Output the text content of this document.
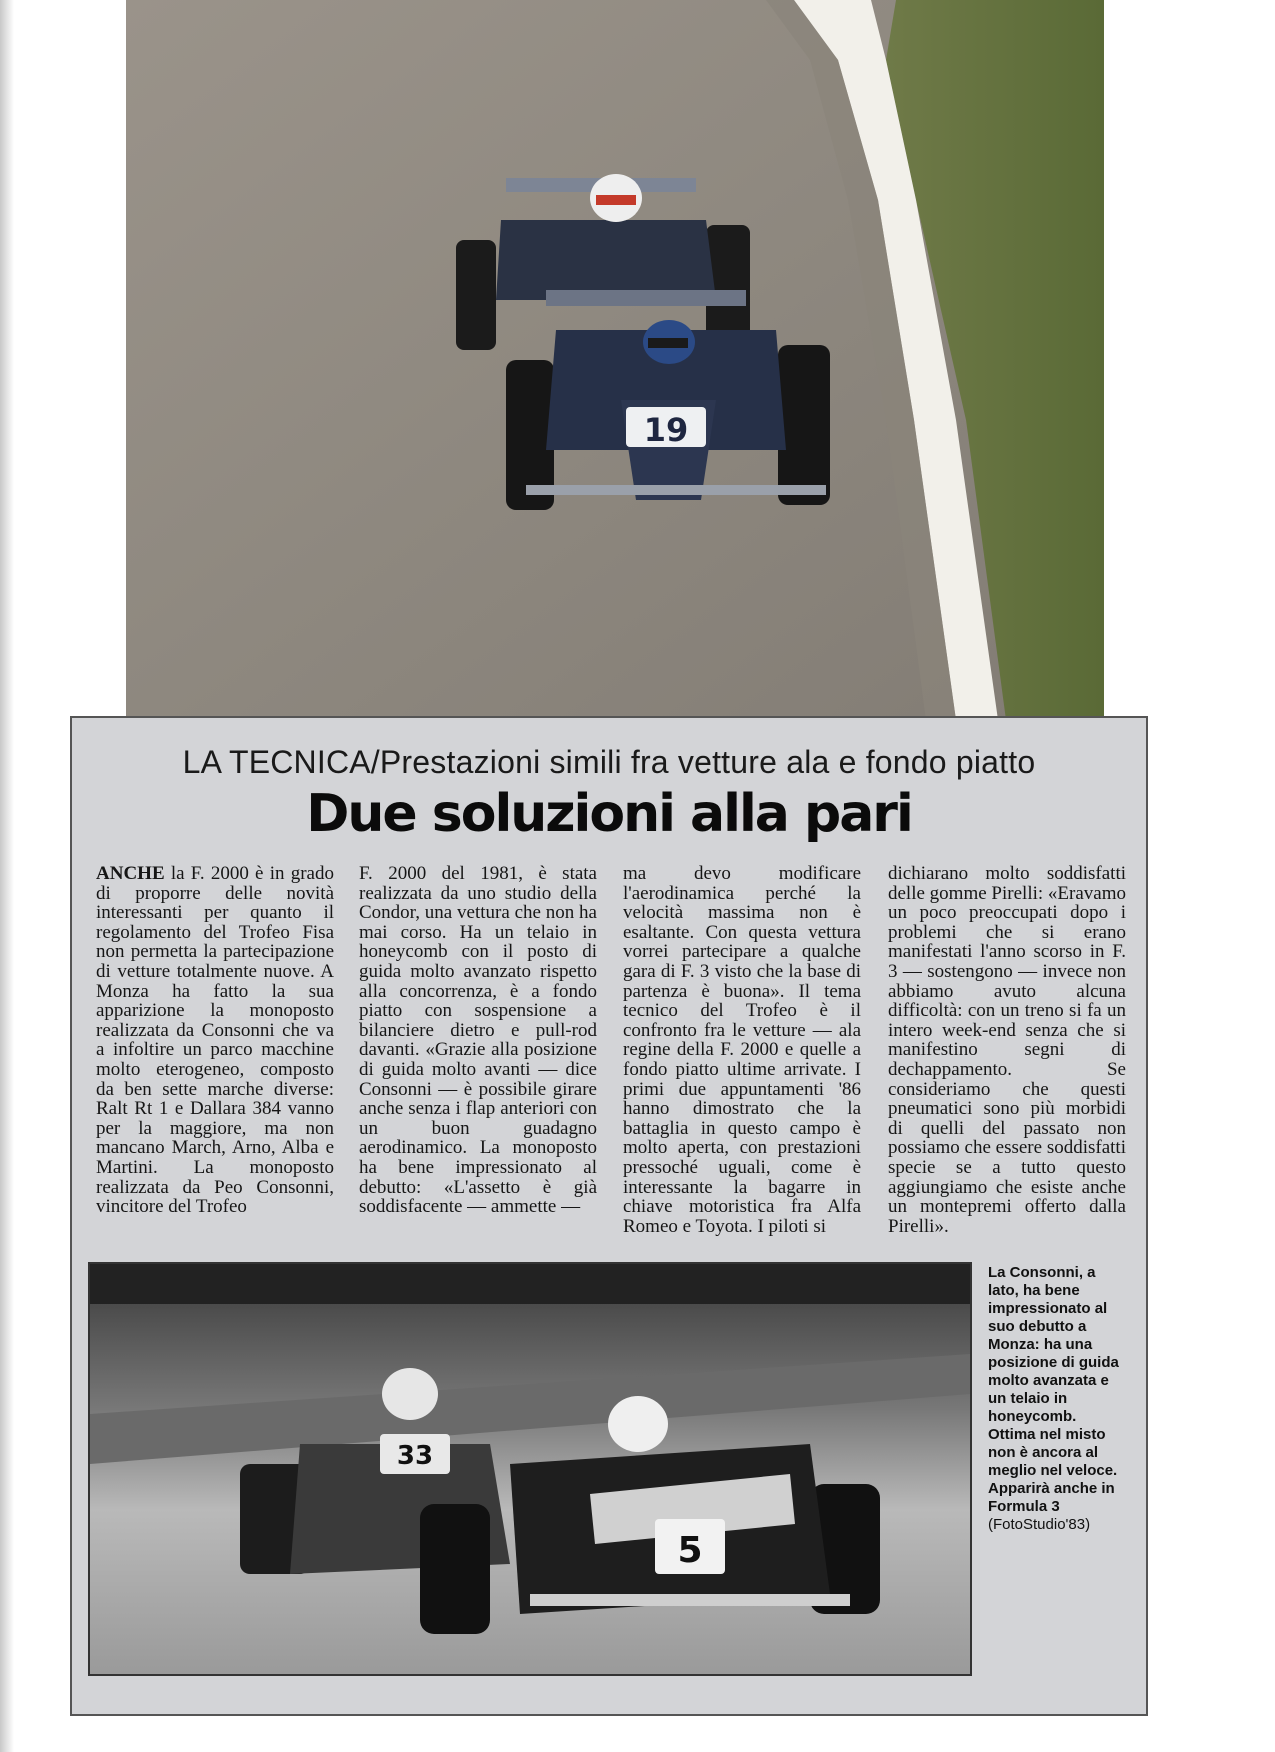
19
LA TECNICA/Prestazioni simili fra vetture ala e fondo piatto
Due soluzioni alla pari
ANCHE la F. 2000 è in grado di proporre delle novità interessanti per quanto il regolamento del Trofeo Fisa non permetta la partecipazione di vetture totalmente nuove. A Monza ha fatto la sua apparizione la monoposto realizzata da Consonni che va a infoltire un parco macchine molto eterogeneo, composto da ben sette marche diverse: Ralt Rt 1 e Dallara 384 vanno per la maggiore, ma non mancano March, Arno, Alba e Martini. La monoposto realizzata da Peo Consonni, vincitore del Trofeo
F. 2000 del 1981, è stata realizzata da uno studio della Condor, una vettura che non ha mai corso. Ha un telaio in honeycomb con il posto di guida molto avanzato rispetto alla concorrenza, è a fondo piatto con sospensione a bilanciere dietro e pull-rod davanti. «Grazie alla posizione di guida molto avanti — dice Consonni — è possibile girare anche senza i flap anteriori con un buon guadagno aerodinamico. La monoposto ha bene impressionato al debutto: «L'assetto è già soddisfacente — ammette —
ma devo modificare l'aerodinamica perché la velocità massima non è esaltante. Con questa vettura vorrei partecipare a qualche gara di F. 3 visto che la base di partenza è buona». Il tema tecnico del Trofeo è il confronto fra le vetture — ala regine della F. 2000 e quelle a fondo piatto ultime arrivate. I primi due appuntamenti '86 hanno dimostrato che la battaglia in questo campo è molto aperta, con prestazioni pressoché uguali, come è interessante la bagarre in chiave motoristica fra Alfa Romeo e Toyota. I piloti si
dichiarano molto soddisfatti delle gomme Pirelli: «Eravamo un poco preoccupati dopo i problemi che si erano manifestati l'anno scorso in F. 3 — sostengono — invece non abbiamo avuto alcuna difficoltà: con un treno si fa un intero week-end senza che si manifestino segni di dechappamento. Se consideriamo che questi pneumatici sono più morbidi di quelli del passato non possiamo che essere soddisfatti specie se a tutto questo aggiungiamo che esiste anche un montepremi offerto dalla Pirelli».
33
5
La Consonni, a lato, ha bene impressionato al suo debutto a Monza: ha una posizione di guida molto avanzata e un telaio in honeycomb. Ottima nel misto non è ancora al meglio nel veloce. Apparirà anche in Formula 3
(FotoStudio'83)
